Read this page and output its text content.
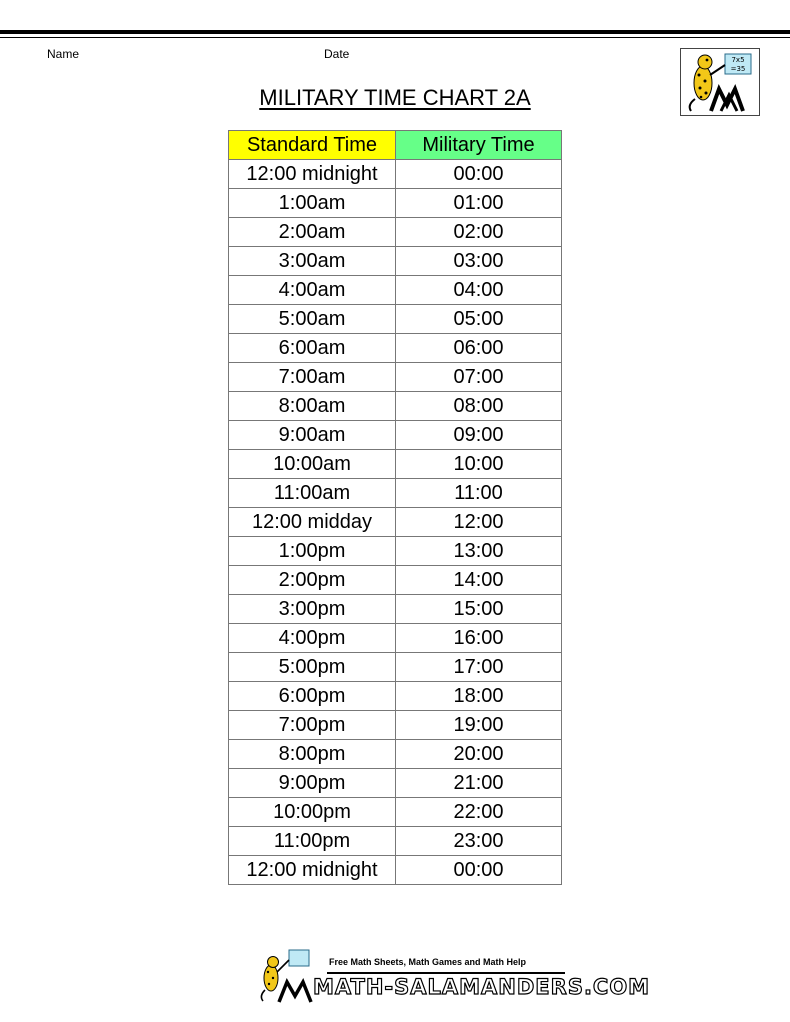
Name	Date
MILITARY TIME CHART 2A
7x5
=35
Standard Time	Military Time
12:00 midnight	00:00
1:00am	01:00
2:00am	02:00
3:00am	03:00
4:00am	04:00
5:00am	05:00
6:00am	06:00
7:00am	07:00
8:00am	08:00
9:00am	09:00
10:00am	10:00
11:00am	11:00
12:00 midday	12:00
1:00pm	13:00
2:00pm	14:00
3:00pm	15:00
4:00pm	16:00
5:00pm	17:00
6:00pm	18:00
7:00pm	19:00
8:00pm	20:00
9:00pm	21:00
10:00pm	22:00
11:00pm	23:00
12:00 midnight	00:00
Free Math Sheets, Math Games and Math Help
MATH-SALAMANDERS.COM
